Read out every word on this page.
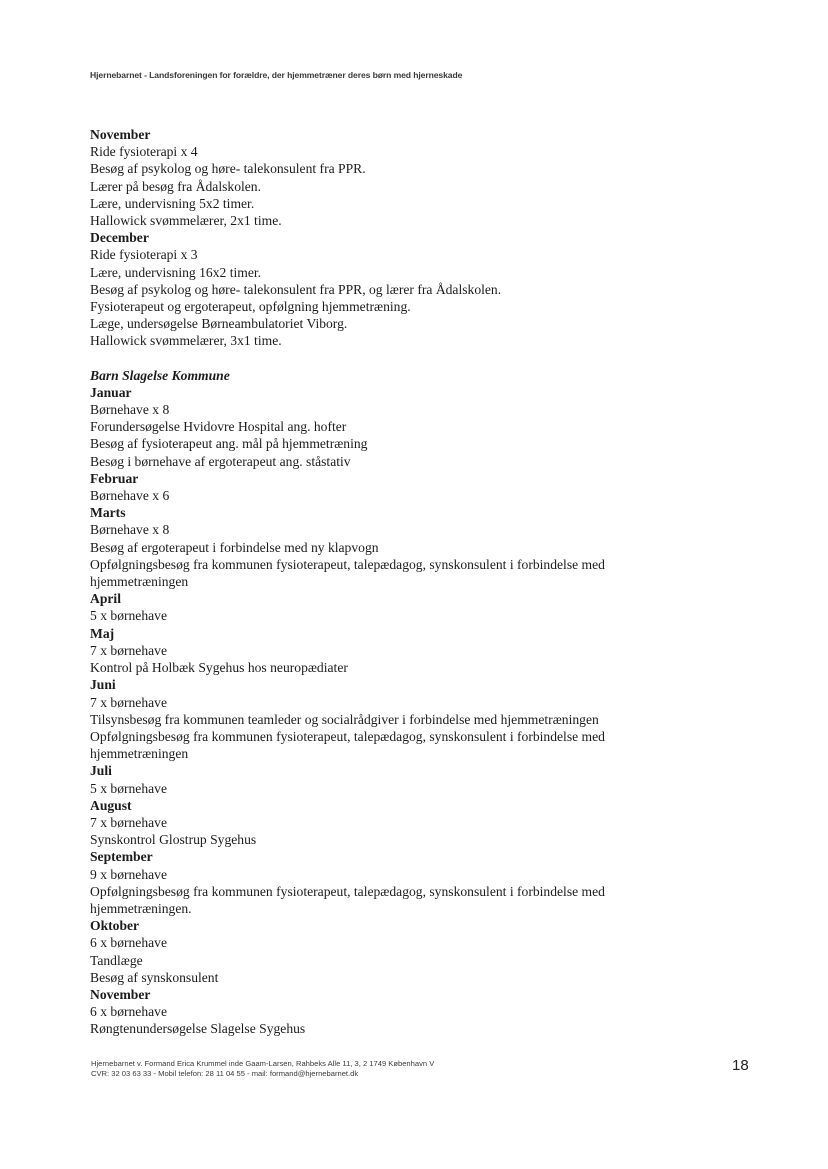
Hjernebarnet - Landsforeningen for forældre, der hjemmetræner deres børn med hjerneskade
November
Ride fysioterapi x 4
Besøg af psykolog og høre- talekonsulent fra PPR.
Lærer på besøg fra Ådalskolen.
Lære, undervisning 5x2 timer.
Hallowick svømmelærer, 2x1 time.
December
Ride fysioterapi x 3
Lære, undervisning 16x2 timer.
Besøg af psykolog og høre- talekonsulent fra PPR, og lærer fra Ådalskolen.
Fysioterapeut og ergoterapeut, opfølgning hjemmetræning.
Læge, undersøgelse Børneambulatoriet Viborg.
Hallowick svømmelærer, 3x1 time.
Barn Slagelse Kommune
Januar
Børnehave x 8
Forundersøgelse Hvidovre Hospital ang. hofter
Besøg af fysioterapeut ang. mål på hjemmetræning
Besøg i børnehave af ergoterapeut ang. ståstativ
Februar
Børnehave x 6
Marts
Børnehave x 8
Besøg af ergoterapeut i forbindelse med ny klapvogn
Opfølgningsbesøg fra kommunen fysioterapeut, talepædagog, synskonsulent i forbindelse med hjemmetræningen
April
5 x børnehave
Maj
7 x børnehave
Kontrol på Holbæk Sygehus hos neuropædiater
Juni
7 x børnehave
Tilsynsbesøg fra kommunen teamleder og socialrådgiver i forbindelse med hjemmetræningen
Opfølgningsbesøg fra kommunen fysioterapeut, talepædagog, synskonsulent i forbindelse med hjemmetræningen
Juli
5 x børnehave
August
7 x børnehave
Synskontrol Glostrup Sygehus
September
9 x børnehave
Opfølgningsbesøg fra kommunen fysioterapeut, talepædagog, synskonsulent i forbindelse med hjemmetræningen.
Oktober
6 x børnehave
Tandlæge
Besøg af synskonsulent
November
6 x børnehave
Røngtenundersøgelse Slagelse Sygehus
Hjernebarnet v. Formand Erica Krummel inde Gaam-Larsen, Rahbeks Alle 11, 3, 2 1749 København V
CVR: 32 03 63 33 - Mobil telefon: 28 11 04 55 - mail: formand@hjernebarnet.dk	18
